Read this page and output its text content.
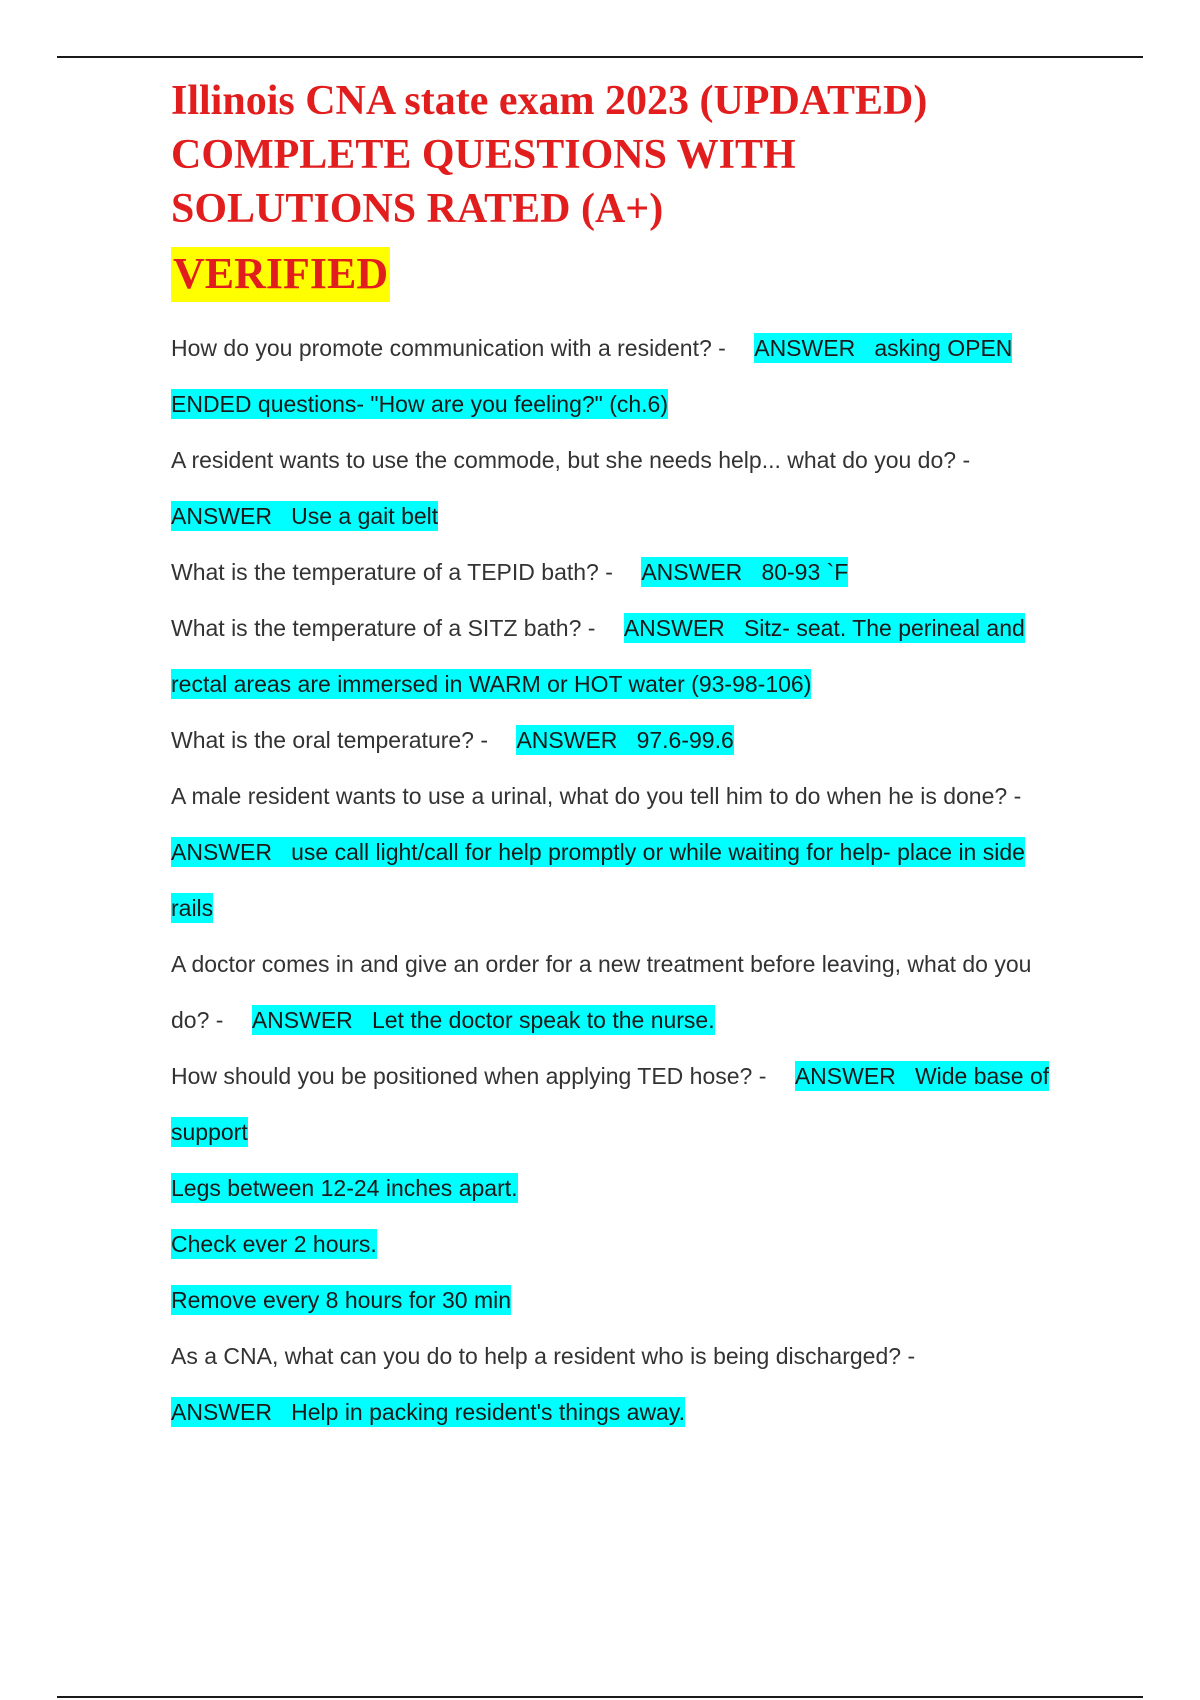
Illinois CNA state exam 2023 (UPDATED)
COMPLETE QUESTIONS WITH
SOLUTIONS RATED (A+)
VERIFIED
How do you promote communication with a resident? - ANSWER asking OPEN ENDED questions- "How are you feeling?" (ch.6)
A resident wants to use the commode, but she needs help... what do you do? -
ANSWER Use a gait belt
What is the temperature of a TEPID bath? - ANSWER 80-93 `F
What is the temperature of a SITZ bath? - ANSWER Sitz- seat. The perineal and rectal areas are immersed in WARM or HOT water (93-98-106)
What is the oral temperature? - ANSWER 97.6-99.6
A male resident wants to use a urinal, what do you tell him to do when he is done? - ANSWER use call light/call for help promptly or while waiting for help- place in side rails
A doctor comes in and give an order for a new treatment before leaving, what do you do? - ANSWER Let the doctor speak to the nurse.
How should you be positioned when applying TED hose? - ANSWER Wide base of support
Legs between 12-24 inches apart.
Check ever 2 hours.
Remove every 8 hours for 30 min
As a CNA, what can you do to help a resident who is being discharged? -
ANSWER Help in packing resident's things away.
